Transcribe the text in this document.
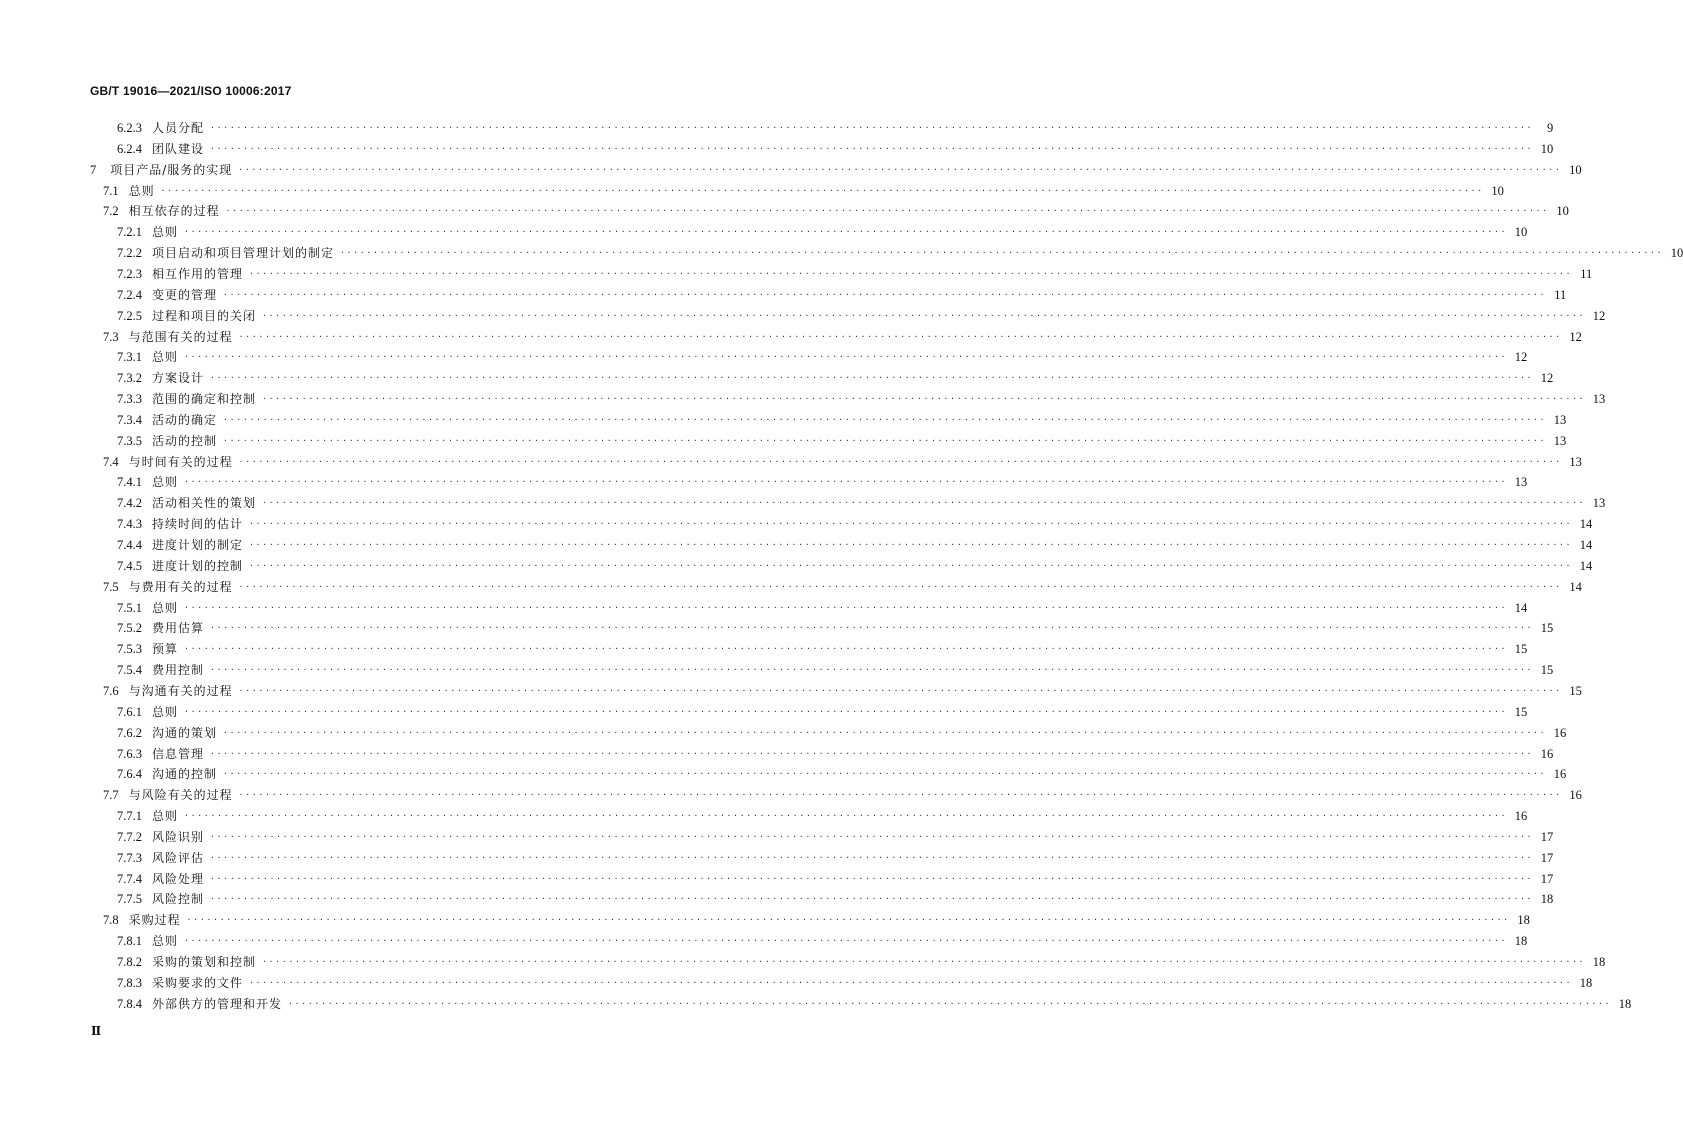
GB/T 19016—2021/ISO 10006:2017
6.2.3 人员分配 ········································································································································································································	9
6.2.4 团队建设 ········································································································································································································ 10
7 项目产品/服务的实现 ········································································································································································································ 10
7.1 总则 ········································································································································································································ 10
7.2 相互依存的过程 ········································································································································································································ 10
7.2.1 总则 ········································································································································································································ 10
7.2.2 项目启动和项目管理计划的制定 ········································································································································································································ 10
7.2.3 相互作用的管理 ········································································································································································································ 11
7.2.4 变更的管理 ········································································································································································································ 11
7.2.5 过程和项目的关闭 ········································································································································································································ 12
7.3 与范围有关的过程 ········································································································································································································ 12
7.3.1 总则 ········································································································································································································ 12
7.3.2 方案设计 ········································································································································································································ 12
7.3.3 范围的确定和控制 ········································································································································································································ 13
7.3.4 活动的确定 ········································································································································································································ 13
7.3.5 活动的控制 ········································································································································································································ 13
7.4 与时间有关的过程 ········································································································································································································ 13
7.4.1 总则 ········································································································································································································ 13
7.4.2 活动相关性的策划 ········································································································································································································ 13
7.4.3 持续时间的估计 ········································································································································································································ 14
7.4.4 进度计划的制定 ········································································································································································································ 14
7.4.5 进度计划的控制 ········································································································································································································ 14
7.5 与费用有关的过程 ········································································································································································································ 14
7.5.1 总则 ········································································································································································································ 14
7.5.2 费用估算 ········································································································································································································ 15
7.5.3 预算 ········································································································································································································ 15
7.5.4 费用控制 ········································································································································································································ 15
7.6 与沟通有关的过程 ········································································································································································································ 15
7.6.1 总则 ········································································································································································································ 15
7.6.2 沟通的策划 ········································································································································································································ 16
7.6.3 信息管理 ········································································································································································································ 16
7.6.4 沟通的控制 ········································································································································································································ 16
7.7 与风险有关的过程 ········································································································································································································ 16
7.7.1 总则 ········································································································································································································ 16
7.7.2 风险识别 ········································································································································································································ 17
7.7.3 风险评估 ········································································································································································································ 17
7.7.4 风险处理 ········································································································································································································ 17
7.7.5 风险控制 ········································································································································································································ 18
7.8 采购过程 ········································································································································································································ 18
7.8.1 总则 ········································································································································································································ 18
7.8.2 采购的策划和控制 ········································································································································································································ 18
7.8.3 采购要求的文件 ········································································································································································································ 18
7.8.4 外部供方的管理和开发 ········································································································································································································ 18
Ⅱ
